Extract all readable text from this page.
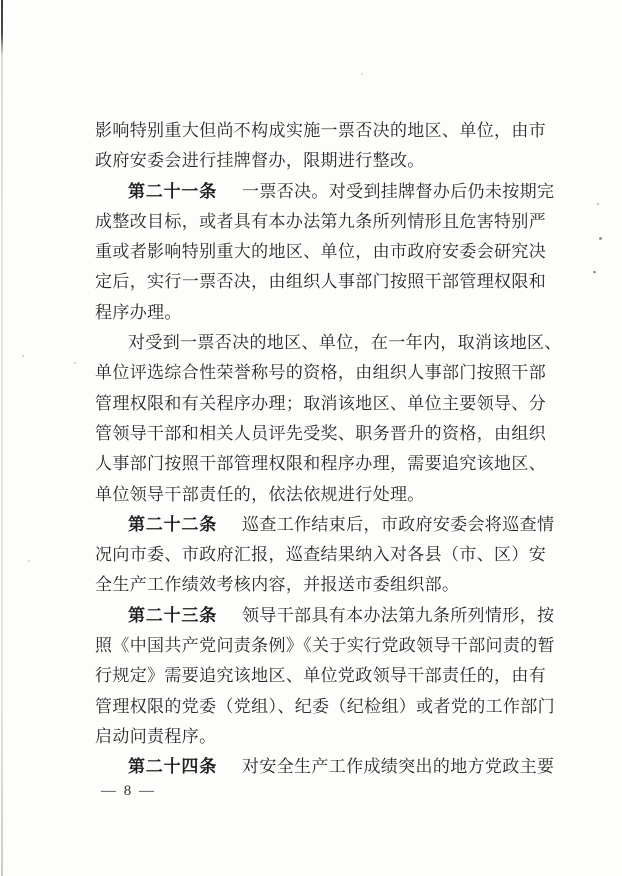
影响特别重大但尚不构成实施一票否决的地区、单位，由市
政府安委会进行挂牌督办，限期进行整改。
第二十一条 一票否决。对受到挂牌督办后仍未按期完
成整改目标，或者具有本办法第九条所列情形且危害特别严
重或者影响特别重大的地区、单位，由市政府安委会研究决
定后，实行一票否决，由组织人事部门按照干部管理权限和
程序办理。
对受到一票否决的地区、单位，在一年内，取消该地区、
单位评选综合性荣誉称号的资格，由组织人事部门按照干部
管理权限和有关程序办理；取消该地区、单位主要领导、分
管领导干部和相关人员评先受奖、职务晋升的资格，由组织
人事部门按照干部管理权限和程序办理，需要追究该地区、
单位领导干部责任的，依法依规进行处理。
第二十二条 巡查工作结束后，市政府安委会将巡查情
况向市委、市政府汇报，巡查结果纳入对各县（市、区）安
全生产工作绩效考核内容，并报送市委组织部。
第二十三条 领导干部具有本办法第九条所列情形，按
照《中国共产党问责条例》《关于实行党政领导干部问责的暂
行规定》需要追究该地区、单位党政领导干部责任的，由有
管理权限的党委（党组）、纪委（纪检组）或者党的工作部门
启动问责程序。
第二十四条 对安全生产工作成绩突出的地方党政主要
— 8 —
